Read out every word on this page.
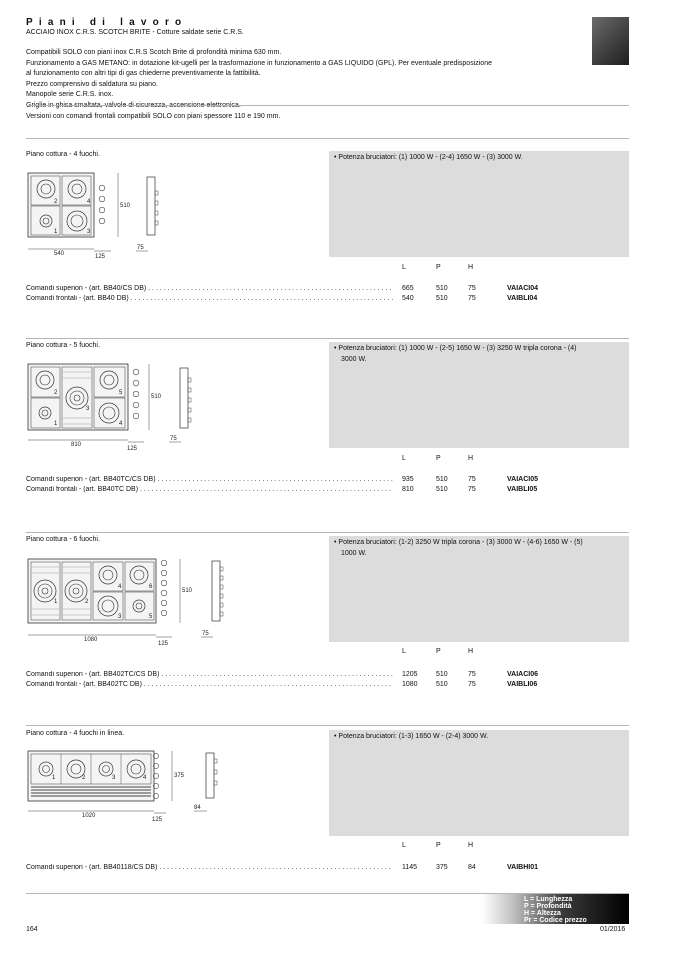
Piani di lavoro
ACCIAIO INOX C.R.S. SCOTCH BRITE - Cotture saldate serie C.R.S.
Compatibili SOLO con piani inox C.R.S Scotch Brite di profondità minima 630 mm.
Funzionamento a GAS METANO: in dotazione kit-ugelli per la trasformazione in funzionamento a GAS LIQUIDO (GPL). Per eventuale predisposizione
al funzionamento con altri tipi di gas chiederne preventivamente la fattibilità.
Prezzo comprensivo di saldatura su piano.
Manopole serie C.R.S. inox.
Versioni con comandi frontali compatibili SOLO con piani spessore 110 e 190 mm.
Piano cottura - 4 fuochi.	• Potenza bruciatori: (1) 1000 W - (2-4) 1650 W - (3) 3000 W.
2	4
1	3
510
540	125
75
L	P	H
Comandi superiori - (art. BB40/CS DB) . . .	665	510	75	VAIACI04
Comandi frontali - (art. BB40 DB) . . .	540	510	75	VAIBLI04
Piano cottura - 5 fuochi.	• Potenza bruciatori: (1) 1000 W - (2-5) 1650 W - (3) 3250 W tripla corona - (4)
3000 W.
2	5
3
1	4
510
810
125
75
L	P	H
Comandi superiori - (art. BB40TC/CS DB) . . .	935	510	75	VAIACI05
Comandi frontali - (art. BB40TC DB) . . .	810	510	75	VAIBLI05
Piano cottura - 6 fuochi.	• Potenza bruciatori: (1-2) 3250 W tripla corona - (3) 3000 W - (4-6) 1650 W - (5)
1000 W.
4	6
1	2
3	5
510
1080
125
75
L	P	H
Comandi superiori - (art. BB402TC/CS DB) . . .	1205	510	75	VAIACI06
Comandi frontali - (art. BB402TC DB) . . .	1080	510	75	VAIBLI06
Piano cottura - 4 fuochi in linea.	• Potenza bruciatori: (1-3) 1650 W - (2-4) 3000 W.
1	2	3	4	375
1020
125
84
L	P	H
Comandi superiori - (art. BB40118/CS DB) . . .	1145	375	84	VAIBHI01
L = Lunghezza
P = Profondità
H = Altezza
Pr = Codice prezzo
164	01/2016
